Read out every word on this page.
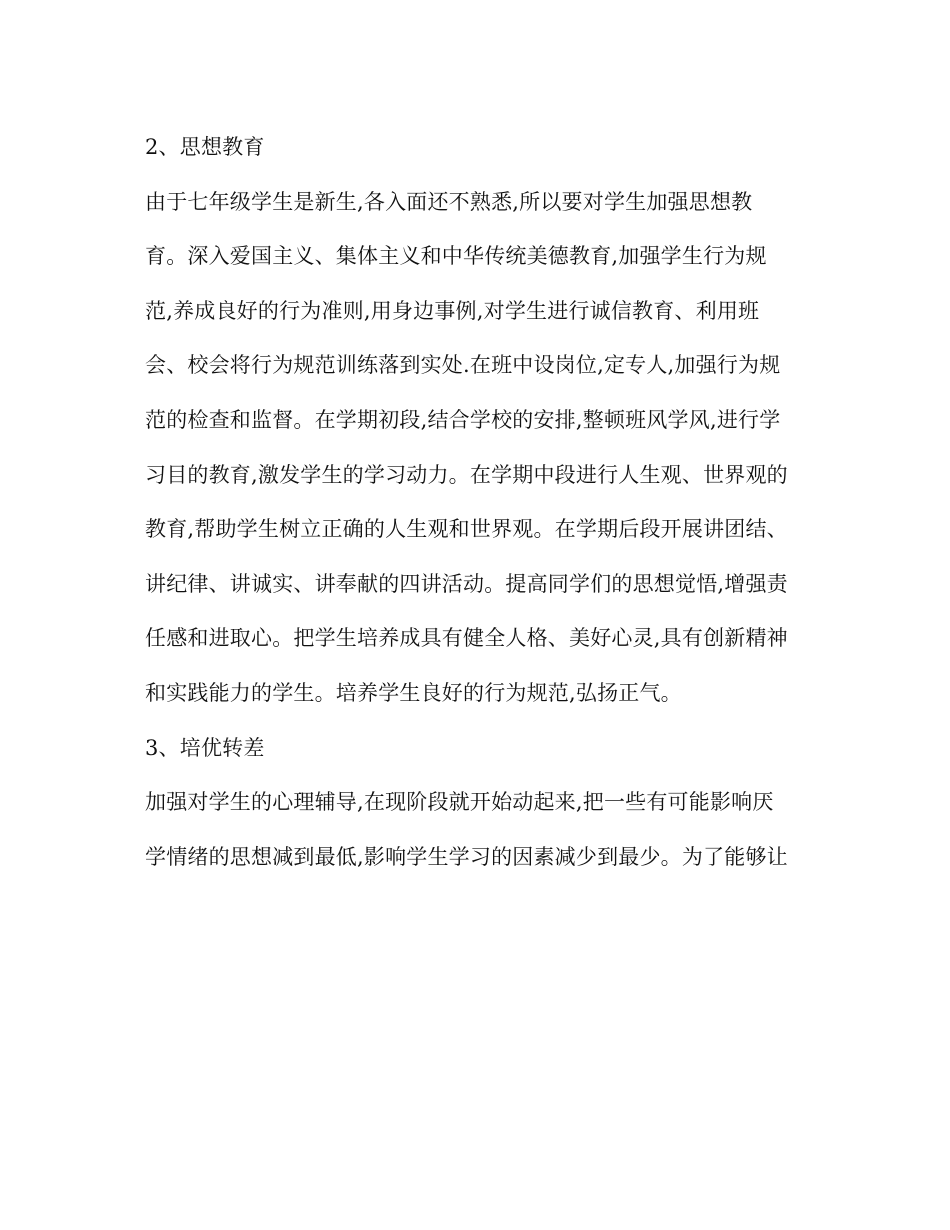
2、思想教育
由于七年级学生是新生,各入面还不熟悉,所以要对学生加强思想教
育。深入爱国主义、集体主义和中华传统美德教育,加强学生行为规
范,养成良好的行为准则,用身边事例,对学生进行诚信教育、利用班
会、校会将行为规范训练落到实处.在班中设岗位,定专人,加强行为规
范的检查和监督。在学期初段,结合学校的安排,整顿班风学风,进行学
习目的教育,激发学生的学习动力。在学期中段进行人生观、世界观的
教育,帮助学生树立正确的人生观和世界观。在学期后段开展讲团结、
讲纪律、讲诚实、讲奉献的四讲活动。提高同学们的思想觉悟,增强责
任感和进取心。把学生培养成具有健全人格、美好心灵,具有创新精神
和实践能力的学生。培养学生良好的行为规范,弘扬正气。
3、培优转差
加强对学生的心理辅导,在现阶段就开始动起来,把一些有可能影响厌
学情绪的思想减到最低,影响学生学习的因素减少到最少。为了能够让
